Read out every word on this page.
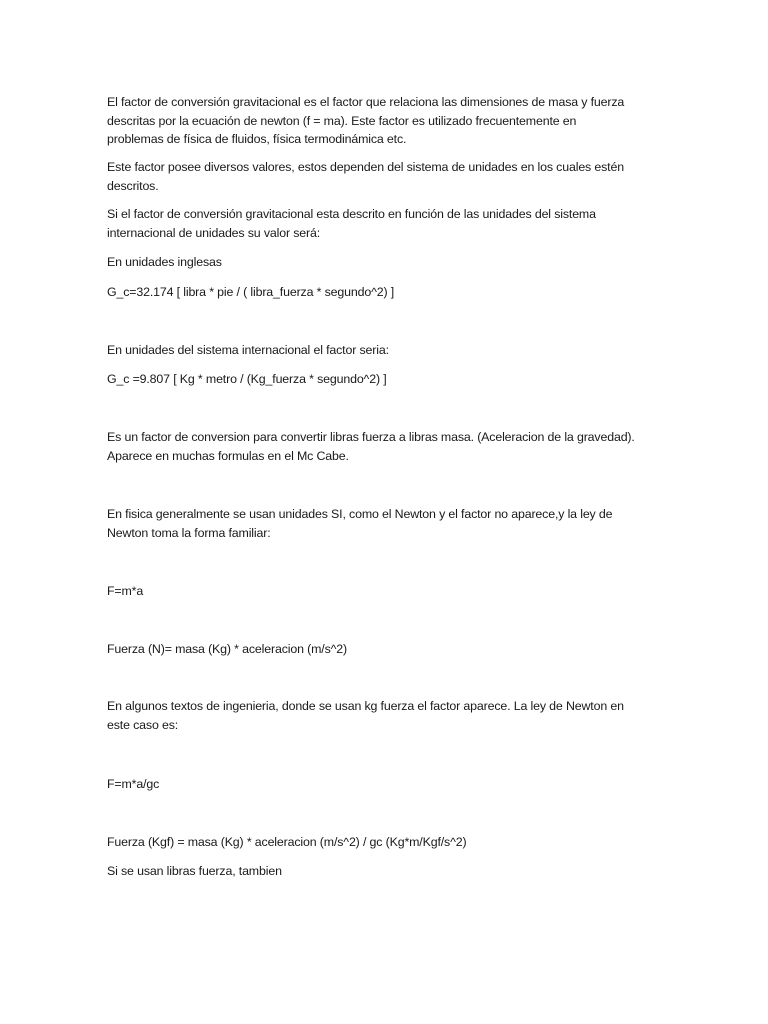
El factor de conversión gravitacional es el factor que relaciona las dimensiones de masa y fuerza
descritas por la ecuación de newton (f = ma). Este factor es utilizado frecuentemente en
problemas de física de fluidos, física termodinámica etc.
Este factor posee diversos valores, estos dependen del sistema de unidades en los cuales estén
descritos.
Si el factor de conversión gravitacional esta descrito en función de las unidades del sistema
internacional de unidades su valor será:
En unidades inglesas
G_c=32.174 [ libra * pie / ( libra_fuerza * segundo^2) ]
En unidades del sistema internacional el factor seria:
G_c =9.807 [ Kg * metro / (Kg_fuerza * segundo^2) ]
Es un factor de conversion para convertir libras fuerza a libras masa. (Aceleracion de la gravedad).
Aparece en muchas formulas en el Mc Cabe.
En fisica generalmente se usan unidades SI, como el Newton y el factor no aparece,y la ley de
Newton toma la forma familiar:
F=m*a
Fuerza (N)= masa (Kg) * aceleracion (m/s^2)
En algunos textos de ingenieria, donde se usan kg fuerza el factor aparece. La ley de Newton en
este caso es:
F=m*a/gc
Fuerza (Kgf) = masa (Kg) * aceleracion (m/s^2) / gc (Kg*m/Kgf/s^2)
Si se usan libras fuerza, tambien
